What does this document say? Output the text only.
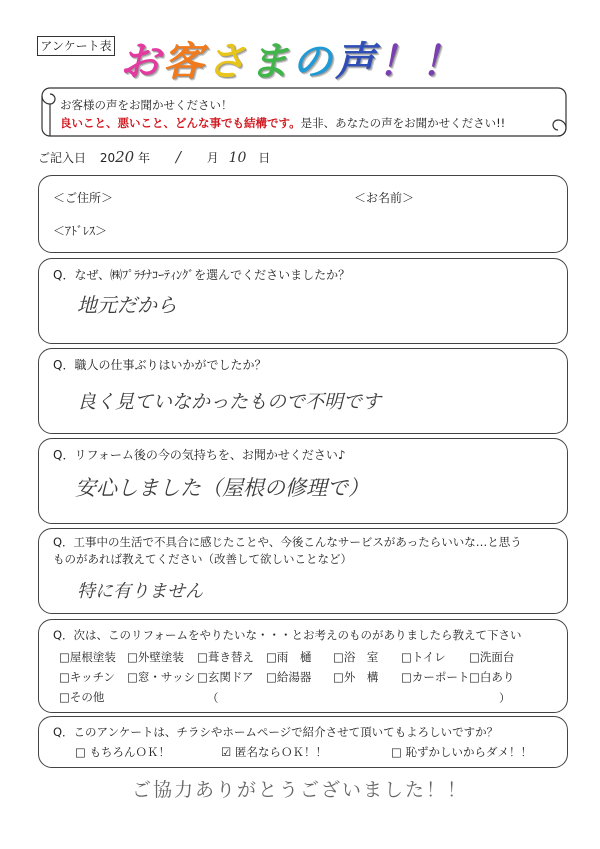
アンケート表 お客さまの声！！
お客様の声をお聞かせください！
良いこと、悪いこと、どんな事でも結構です。是非、あなたの声をお聞かせください!!
ご記入日 2020 年 / 月 10 日
＜ご住所＞	＜お名前＞
＜ｱﾄﾞﾚｽ＞
Q．なぜ、㈱ﾌﾟﾗﾁﾅｺｰﾃｨﾝｸﾞを選んでくださいましたか？
地元だから
Q．職人の仕事ぶりはいかがでしたか？
良く見ていなかったもので不明です
Q．リフォーム後の今の気持ちを、お聞かせください♪
安心しました（屋根の修理で）
Q．工事中の生活で不具合に感じたことや、今後こんなサービスがあったらいいな…と思う
ものがあれば教えてください（改善して欲しいことなど）
特に有りません
Q．次は、このリフォームをやりたいな・・・とお考えのものがありましたら教えて下さい
□屋根塗装 □外壁塗装 □葺き替え □雨　樋 □浴　室 □トイレ □洗面台
□キッチン □窓・サッシ □玄関ドア □給湯器 □外　構 □カーポート □白あり
□その他	（	）
Q．このアンケートは、チラシやホームページで紹介させて頂いてもよろしいですか？
□ もちろんＯＫ！	☑ 匿名ならＯＫ！！	□ 恥ずかしいからダメ！！
ご協力ありがとうございました！！
